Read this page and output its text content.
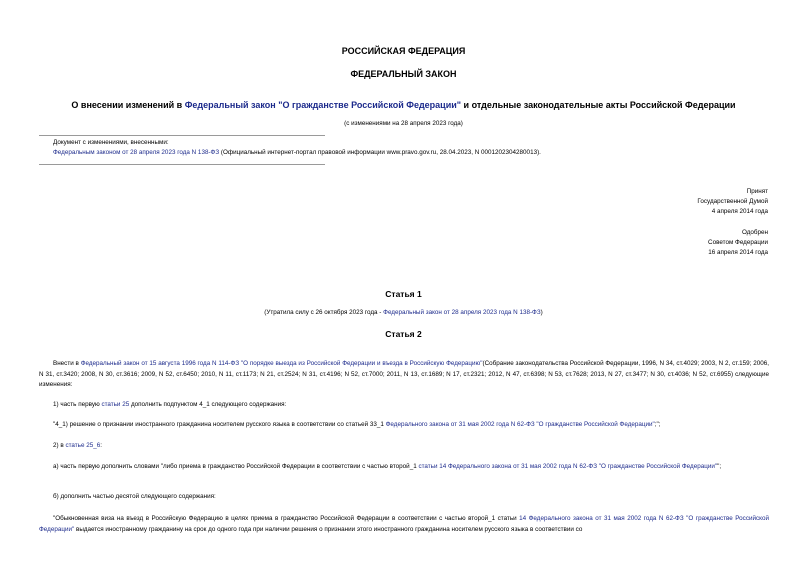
РОССИЙСКАЯ ФЕДЕРАЦИЯ
ФЕДЕРАЛЬНЫЙ ЗАКОН
О внесении изменений в Федеральный закон "О гражданстве Российской Федерации" и отдельные законодательные акты Российской Федерации
(с изменениями на 28 апреля 2023 года)
Документ с изменениями, внесенными:
Федеральным законом от 28 апреля 2023 года N 138-ФЗ (Официальный интернет-портал правовой информации www.pravo.gov.ru, 28.04.2023, N 0001202304280013).
Принят
Государственной Думой
4 апреля 2014 года
Одобрен
Советом Федерации
16 апреля 2014 года
Статья 1
(Утратила силу с 26 октября 2023 года - Федеральный закон от 28 апреля 2023 года N 138-ФЗ)
Статья 2
Внести в Федеральный закон от 15 августа 1996 года N 114-ФЗ "О порядке выезда из Российской Федерации и въезда в Российскую Федерацию"(Собрание законодательства Российской Федерации, 1996, N 34, ст.4029; 2003, N 2, ст.159; 2006, N 31, ст.3420; 2008, N 30, ст.3616; 2009, N 52, ст.6450; 2010, N 11, ст.1173; N 21, ст.2524; N 31, ст.4196; N 52, ст.7000; 2011, N 13, ст.1689; N 17, ст.2321; 2012, N 47, ст.6398; N 53, ст.7628; 2013, N 27, ст.3477; N 30, ст.4036; N 52, ст.6955) следующие изменения:
1) часть первую статьи 25 дополнить подпунктом 4_1 следующего содержания:
"4_1) решение о признании иностранного гражданина носителем русского языка в соответствии со статьей 33_1 Федерального закона от 31 мая 2002 года N 62-ФЗ "О гражданстве Российской Федерации";";
2) в статье 25_6:
а) часть первую дополнить словами "либо приема в гражданство Российской Федерации в соответствии с частью второй_1 статьи 14 Федерального закона от 31 мая 2002 года N 62-ФЗ "О гражданстве Российской Федерации"";
б) дополнить частью десятой следующего содержания:
"Обыкновенная виза на въезд в Российскую Федерацию в целях приема в гражданство Российской Федерации в соответствии с частью второй_1 статьи 14 Федерального закона от 31 мая 2002 года N 62-ФЗ "О гражданстве Российской Федерации" выдается иностранному гражданину на срок до одного года при наличии решения о признании этого иностранного гражданина носителем русского языка в соответствии со
